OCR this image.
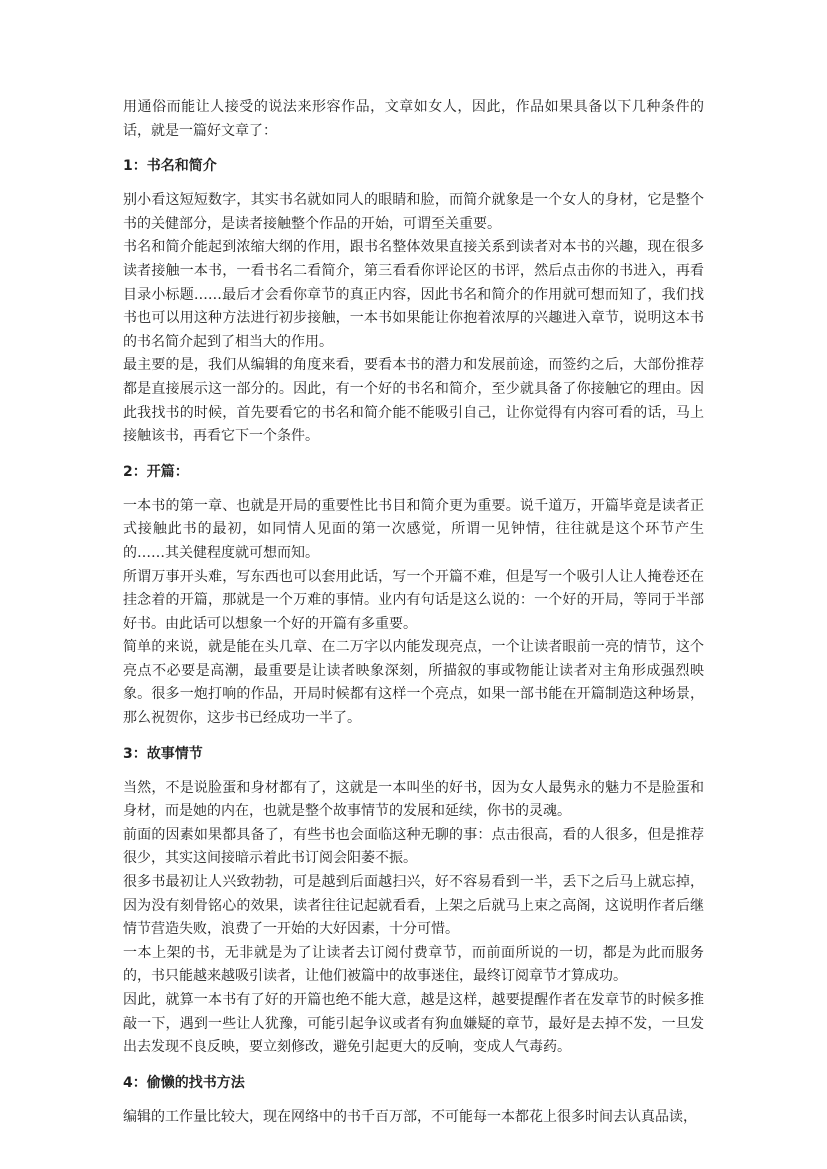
用通俗而能让人接受的说法来形容作品，文章如女人，因此，作品如果具备以下几种条件的话，就是一篇好文章了：

1：书名和简介

别小看这短短数字，其实书名就如同人的眼睛和脸，而简介就象是一个女人的身材，它是整个书的关健部分，是读者接触整个作品的开始，可谓至关重要。

书名和简介能起到浓缩大纲的作用，跟书名整体效果直接关系到读者对本书的兴趣，现在很多读者接触一本书，一看书名二看简介，第三看看你评论区的书评，然后点击你的书进入，再看目录小标题……最后才会看你章节的真正内容，因此书名和简介的作用就可想而知了，我们找书也可以用这种方法进行初步接触，一本书如果能让你抱着浓厚的兴趣进入章节，说明这本书的书名简介起到了相当大的作用。

最主要的是，我们从编辑的角度来看，要看本书的潜力和发展前途，而签约之后，大部份推荐都是直接展示这一部分的。因此，有一个好的书名和简介，至少就具备了你接触它的理由。因此我找书的时候，首先要看它的书名和简介能不能吸引自己，让你觉得有内容可看的话，马上接触该书，再看它下一个条件。

2：开篇：

一本书的第一章、也就是开局的重要性比书目和简介更为重要。说千道万，开篇毕竟是读者正式接触此书的最初，如同情人见面的第一次感觉，所谓一见钟情，往往就是这个环节产生的……其关健程度就可想而知。

所谓万事开头难，写东西也可以套用此话，写一个开篇不难，但是写一个吸引人让人掩卷还在挂念着的开篇，那就是一个万难的事情。业内有句话是这么说的：一个好的开局，等同于半部好书。由此话可以想象一个好的开篇有多重要。

简单的来说，就是能在头几章、在二万字以内能发现亮点，一个让读者眼前一亮的情节，这个亮点不必要是高潮，最重要是让读者映象深刻，所描叙的事或物能让读者对主角形成强烈映象。很多一炮打响的作品，开局时候都有这样一个亮点，如果一部书能在开篇制造这种场景，那么祝贺你，这步书已经成功一半了。

3：故事情节

当然，不是说脸蛋和身材都有了，这就是一本叫坐的好书，因为女人最隽永的魅力不是脸蛋和身材，而是她的内在，也就是整个故事情节的发展和延续，你书的灵魂。

前面的因素如果都具备了，有些书也会面临这种无聊的事：点击很高，看的人很多，但是推荐很少，其实这间接暗示着此书订阅会阳萎不振。

很多书最初让人兴致勃勃，可是越到后面越扫兴，好不容易看到一半，丢下之后马上就忘掉，因为没有刻骨铭心的效果，读者往往记起就看看，上架之后就马上束之高阁，这说明作者后继情节营造失败，浪费了一开始的大好因素，十分可惜。

一本上架的书，无非就是为了让读者去订阅付费章节，而前面所说的一切，都是为此而服务的，书只能越来越吸引读者，让他们被篇中的故事迷住，最终订阅章节才算成功。

因此，就算一本书有了好的开篇也绝不能大意，越是这样，越要提醒作者在发章节的时候多推敲一下，遇到一些让人犹豫，可能引起争议或者有狗血嫌疑的章节，最好是去掉不发，一旦发出去发现不良反映，要立刻修改，避免引起更大的反响，变成人气毒药。

4：偷懒的找书方法

编辑的工作量比较大，现在网络中的书千百万部，不可能每一本都花上很多时间去认真品读，
